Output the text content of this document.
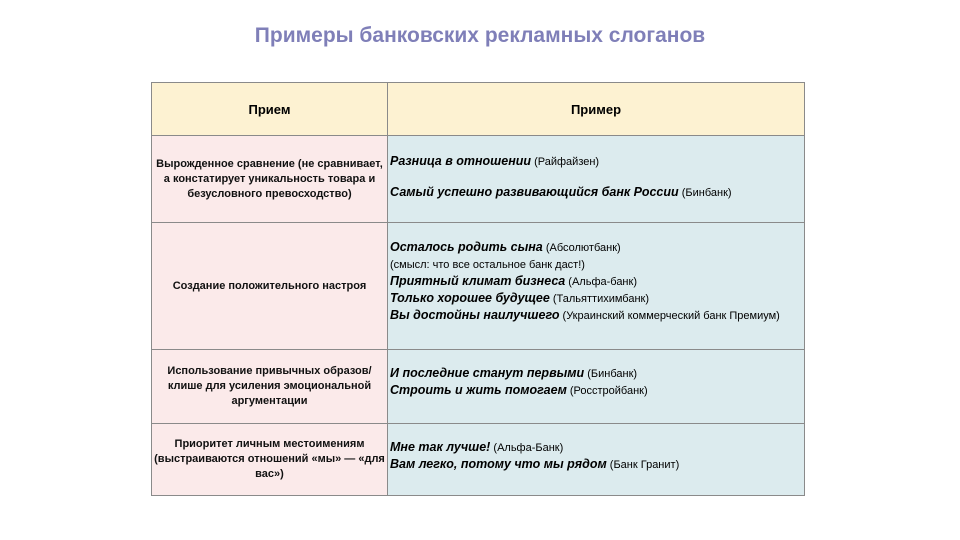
Примеры банковских рекламных слоганов
Прием	Пример
Вырожденное сравнение (не сравнивает, а констатирует уникальность товара и безусловного превосходство)	Разница в отношении (Райфайзен)
Самый успешно развивающийся банк России (Бинбанк)

Создание положительного настроя	Осталось родить сына (Абсолютбанк)
(смысл: что все остальное банк даст!)
Приятный климат бизнеса (Альфа-банк)
Только хорошее будущее (Тальяттихимбанк)
Вы достойны наилучшего (Украинский коммерческий банк Премиум)

Использование привычных образов/клише для усиления эмоциональной аргументации	И последние станут первыми (Бинбанк)
Строить и жить помогаем (Росстройбанк)

Приоритет личным местоимениям (выстраиваются отношений «мы» — «для вас»)	Мне так лучше! (Альфа-Банк)
Вам легко, потому что мы рядом (Банк Гранит)
